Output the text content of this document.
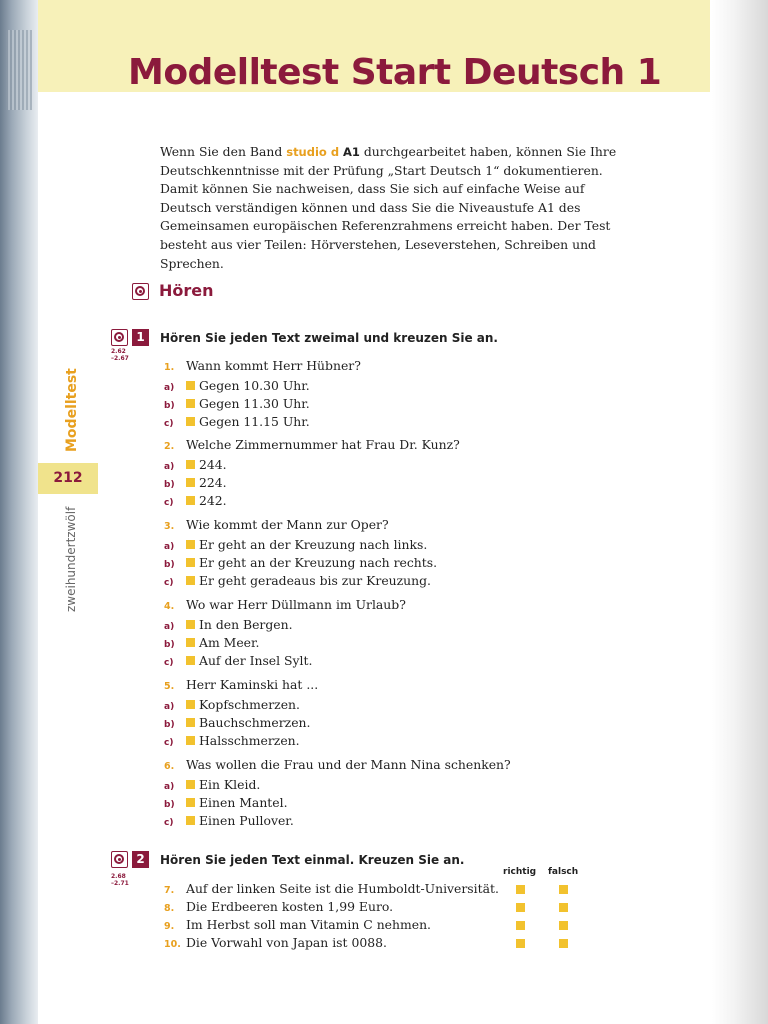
Modelltest Start Deutsch 1
Modelltest
212
zweihundertzwölf

Wenn Sie den Band studio d A1 durchgearbeitet haben, können Sie Ihre Deutschkenntnisse mit der Prüfung „Start Deutsch 1“ dokumentieren. Damit können Sie nachweisen, dass Sie sich auf einfache Weise auf Deutsch verständigen können und dass Sie die Niveaustufe A1 des Gemeinsamen europäischen Referenzrahmens erreicht haben. Der Test besteht aus vier Teilen: Hörverstehen, Leseverstehen, Schreiben und Sprechen.

Hören
1	Hören Sie jeden Text zweimal und kreuzen Sie an.
2.62
–2.67
1. Wann kommt Herr Hübner?
a) Gegen 10.30 Uhr.
b) Gegen 11.30 Uhr.
c) Gegen 11.15 Uhr.
2. Welche Zimmernummer hat Frau Dr. Kunz?
a) 244.
b) 224.
c) 242.
3. Wie kommt der Mann zur Oper?
a) Er geht an der Kreuzung nach links.
b) Er geht an der Kreuzung nach rechts.
c) Er geht geradeaus bis zur Kreuzung.
4. Wo war Herr Düllmann im Urlaub?
a) In den Bergen.
b) Am Meer.
c) Auf der Insel Sylt.
5. Herr Kaminski hat ...
a) Kopfschmerzen.
b) Bauchschmerzen.
c) Halsschmerzen.
6. Was wollen die Frau und der Mann Nina schenken?
a) Ein Kleid.
b) Einen Mantel.
c) Einen Pullover.
2	Hören Sie jeden Text einmal. Kreuzen Sie an.
2.68
–2.71
richtig falsch
7. Auf der linken Seite ist die Humboldt-Universität.
8. Die Erdbeeren kosten 1,99 Euro.
9. Im Herbst soll man Vitamin C nehmen.
10. Die Vorwahl von Japan ist 0088.
